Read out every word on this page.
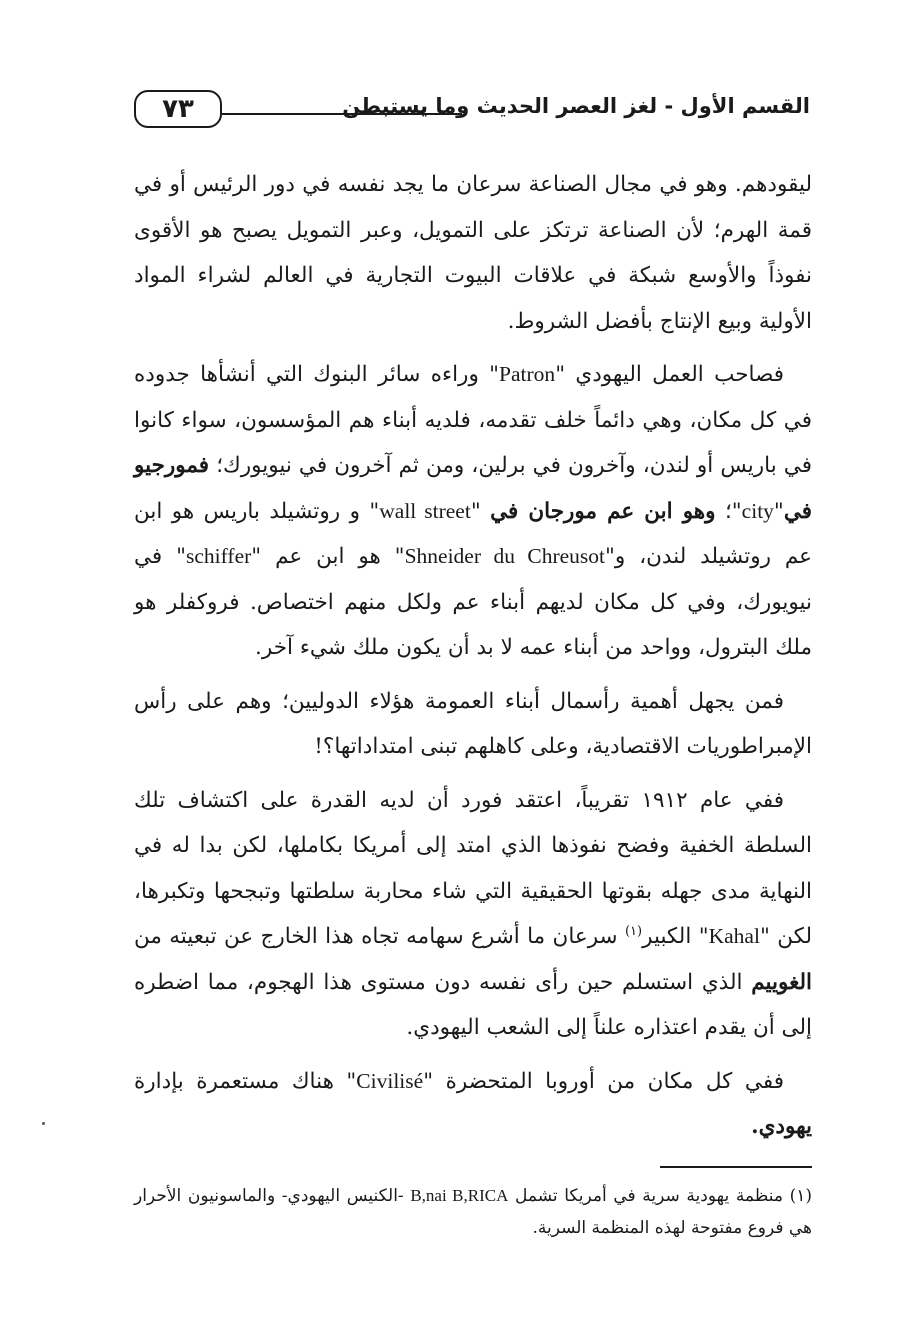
٧٣	القسم الأول - لغز العصر الحديث وما يستبطن

ليقودهم. وهو في مجال الصناعة سرعان ما يجد نفسه في دور الرئيس أو في قمة الهرم؛ لأن الصناعة ترتكز على التمويل، وعبر التمويل يصبح هو الأقوى نفوذاً والأوسع شبكة في علاقات البيوت التجارية في العالم لشراء المواد الأولية وبيع الإنتاج بأفضل الشروط.

فصاحب العمل اليهودي "Patron" وراءه سائر البنوك التي أنشأها جدوده في كل مكان، وهي دائماً خلف تقدمه، فلديه أبناء هم المؤسسون، سواء كانوا في باريس أو لندن، وآخرون في برلين، ومن ثم آخرون في نيويورك؛ فمورجيو في"city"؛ وهو ابن عم مورجان في "wall street" و روتشيلد باريس هو ابن عم روتشيلد لندن، و"Shneider du Chreusot" هو ابن عم "schiffer" في نيويورك، وفي كل مكان لديهم أبناء عم ولكل منهم اختصاص. فروكفلر هو ملك البترول، وواحد من أبناء عمه لا بد أن يكون ملك شيء آخر.

فمن يجهل أهمية رأسمال أبناء العمومة هؤلاء الدوليين؛ وهم على رأس الإمبراطوريات الاقتصادية، وعلى كاهلهم تبنى امتداداتها؟!

ففي عام ١٩١٢ تقريباً، اعتقد فورد أن لديه القدرة على اكتشاف تلك السلطة الخفية وفضح نفوذها الذي امتد إلى أمريكا بكاملها، لكن بدا له في النهاية مدى جهله بقوتها الحقيقية التي شاء محاربة سلطتها وتبجحها وتكبرها، لكن "Kahal" الكبير$^{(١)}$ سرعان ما أشرع سهامه تجاه هذا الخارج عن تبعيته من الغوييم الذي استسلم حين رأى نفسه دون مستوى هذا الهجوم، مما اضطره إلى أن يقدم اعتذاره علناً إلى الشعب اليهودي.

ففي كل مكان من أوروبا المتحضرة "Civilisé" هناك مستعمرة بإدارة يهودي.

(١) منظمة يهودية سرية في أمريكا تشمل B,nai B,RICA -الكنيس اليهودي- والماسونيون الأحرار هي فروع مفتوحة لهذه المنظمة السرية.
